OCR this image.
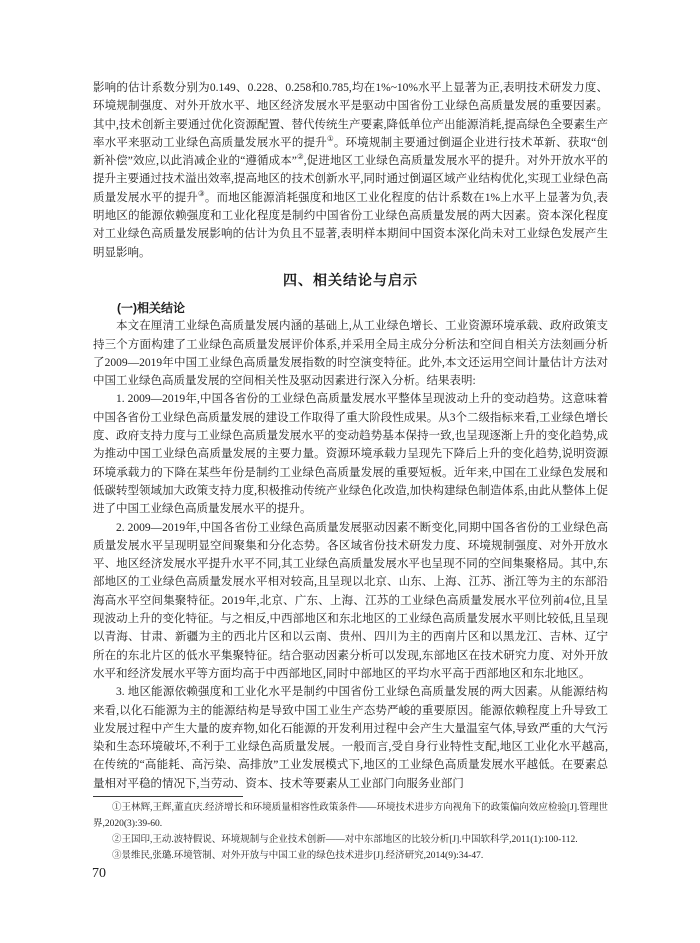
影响的估计系数分别为0.149、0.228、0.258和0.785,均在1%~10%水平上显著为正,表明技术研发力度、环境规制强度、对外开放水平、地区经济发展水平是驱动中国省份工业绿色高质量发展的重要因素。其中,技术创新主要通过优化资源配置、替代传统生产要素,降低单位产出能源消耗,提高绿色全要素生产率水平来驱动工业绿色高质量发展水平的提升①。环境规制主要通过倒逼企业进行技术革新、获取“创新补偿”效应,以此消减企业的“遵循成本”②,促进地区工业绿色高质量发展水平的提升。对外开放水平的提升主要通过技术溢出效率,提高地区的技术创新水平,同时通过倒逼区域产业结构优化,实现工业绿色高质量发展水平的提升③。而地区能源消耗强度和地区工业化程度的估计系数在1%上水平上显著为负,表明地区的能源依赖强度和工业化程度是制约中国省份工业绿色高质量发展的两大因素。资本深化程度对工业绿色高质量发展影响的估计为负且不显著,表明样本期间中国资本深化尚未对工业绿色发展产生明显影响。

四、相关结论与启示
(一)相关结论

本文在厘清工业绿色高质量发展内涵的基础上,从工业绿色增长、工业资源环境承载、政府政策支持三个方面构建了工业绿色高质量发展评价体系,并采用全局主成分分析法和空间自相关方法刻画分析了2009—2019年中国工业绿色高质量发展指数的时空演变特征。此外,本文还运用空间计量估计方法对中国工业绿色高质量发展的空间相关性及驱动因素进行深入分析。结果表明:

1. 2009—2019年,中国各省份的工业绿色高质量发展水平整体呈现波动上升的变动趋势。这意味着中国各省份工业绿色高质量发展的建设工作取得了重大阶段性成果。从3个二级指标来看,工业绿色增长度、政府支持力度与工业绿色高质量发展水平的变动趋势基本保持一致,也呈现逐渐上升的变化趋势,成为推动中国工业绿色高质量发展的主要力量。资源环境承载力呈现先下降后上升的变化趋势,说明资源环境承载力的下降在某些年份是制约工业绿色高质量发展的重要短板。近年来,中国在工业绿色发展和低碳转型领域加大政策支持力度,积极推动传统产业绿色化改造,加快构建绿色制造体系,由此从整体上促进了中国工业绿色高质量发展水平的提升。

2. 2009—2019年,中国各省份工业绿色高质量发展驱动因素不断变化,同期中国各省份的工业绿色高质量发展水平呈现明显空间聚集和分化态势。各区域省份技术研发力度、环境规制强度、对外开放水平、地区经济发展水平提升水平不同,其工业绿色高质量发展水平也呈现不同的空间集聚格局。其中,东部地区的工业绿色高质量发展水平相对较高,且呈现以北京、山东、上海、江苏、浙江等为主的东部沿海高水平空间集聚特征。2019年,北京、广东、上海、江苏的工业绿色高质量发展水平位列前4位,且呈现波动上升的变化特征。与之相反,中西部地区和东北地区的工业绿色高质量发展水平则比较低,且呈现以青海、甘肃、新疆为主的西北片区和以云南、贵州、四川为主的西南片区和以黑龙江、吉林、辽宁所在的东北片区的低水平集聚特征。结合驱动因素分析可以发现,东部地区在技术研究力度、对外开放水平和经济发展水平等方面均高于中西部地区,同时中部地区的平均水平高于西部地区和东北地区。

3. 地区能源依赖强度和工业化水平是制约中国省份工业绿色高质量发展的两大因素。从能源结构来看,以化石能源为主的能源结构是导致中国工业生产态势严峻的重要原因。能源依赖程度上升导致工业发展过程中产生大量的废弃物,如化石能源的开发利用过程中会产生大量温室气体,导致严重的大气污染和生态环境破坏,不利于工业绿色高质量发展。一般而言,受自身行业特性支配,地区工业化水平越高,在传统的“高能耗、高污染、高排放”工业发展模式下,地区的工业绿色高质量发展水平越低。在要素总量相对平稳的情况下,当劳动、资本、技术等要素从工业部门向服务业部门

①王林辉,王辉,董直庆.经济增长和环境质量相容性政策条件——环境技术进步方向视角下的政策偏向效应检验[J].管理世界,2020(3):39-60.

②王国印,王动.波特假说、环境规制与企业技术创新——对中东部地区的比较分析[J].中国软科学,2011(1):100-112.

③景维民,张璐.环境管制、对外开放与中国工业的绿色技术进步[J].经济研究,2014(9):34-47.

70
